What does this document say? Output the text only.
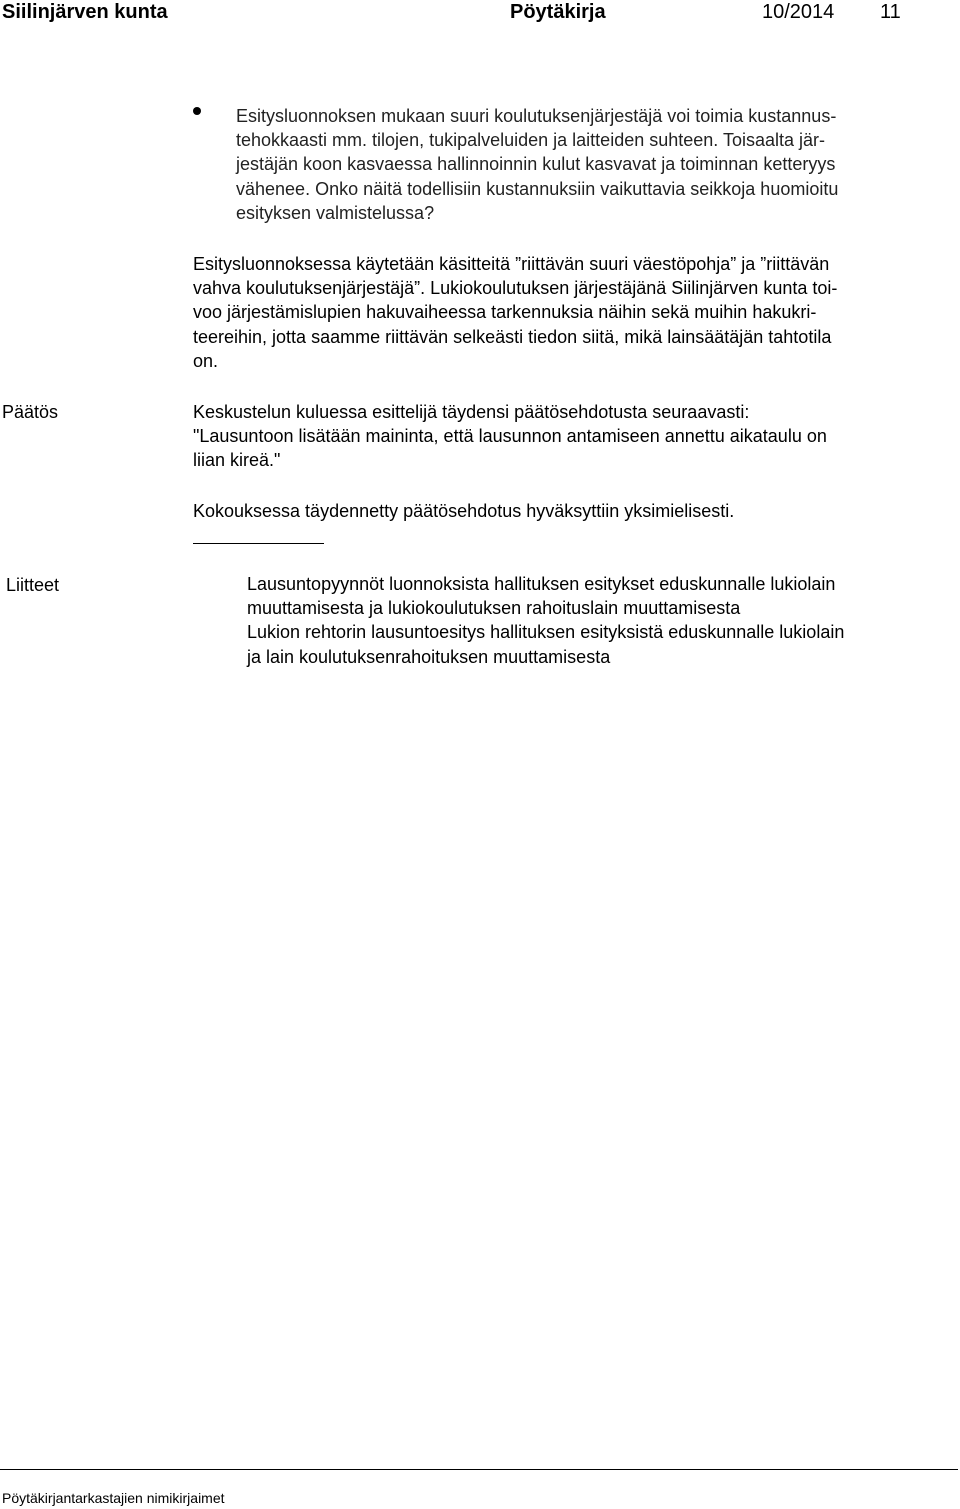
Siilinjärven kunta	Pöytäkirja	10/2014 11

Esitysluonnoksen mukaan suuri koulutuksenjärjestäjä voi toimia kustannus-
tehokkaasti mm. tilojen, tukipalveluiden ja laitteiden suhteen. Toisaalta jär-
jestäjän koon kasvaessa hallinnoinnin kulut kasvavat ja toiminnan ketteryys
vähenee. Onko näitä todellisiin kustannuksiin vaikuttavia seikkoja huomioitu
esityksen valmistelussa?

Esitysluonnoksessa käytetään käsitteitä ”riittävän suuri väestöpohja” ja ”riittävän
vahva koulutuksenjärjestäjä”. Lukiokoulutuksen järjestäjänä Siilinjärven kunta toi-
voo järjestämislupien hakuvaiheessa tarkennuksia näihin sekä muihin hakukri-
teereihin, jotta saamme riittävän selkeästi tiedon siitä, mikä lainsäätäjän tahtotila
on.

Päätös	Keskustelun kuluessa esittelijä täydensi päätösehdotusta seuraavasti:
"Lausuntoon lisätään maininta, että lausunnon antamiseen annettu aikataulu on
liian kireä."

Kokouksessa täydennetty päätösehdotus hyväksyttiin yksimielisesti.

Liitteet	Lausuntopyynnöt luonnoksista hallituksen esitykset eduskunnalle lukiolain
muuttamisesta ja lukiokoulutuksen rahoituslain muuttamisesta
Lukion rehtorin lausuntoesitys hallituksen esityksistä eduskunnalle lukiolain
ja lain koulutuksenrahoituksen muuttamisesta

Pöytäkirjantarkastajien nimikirjaimet
